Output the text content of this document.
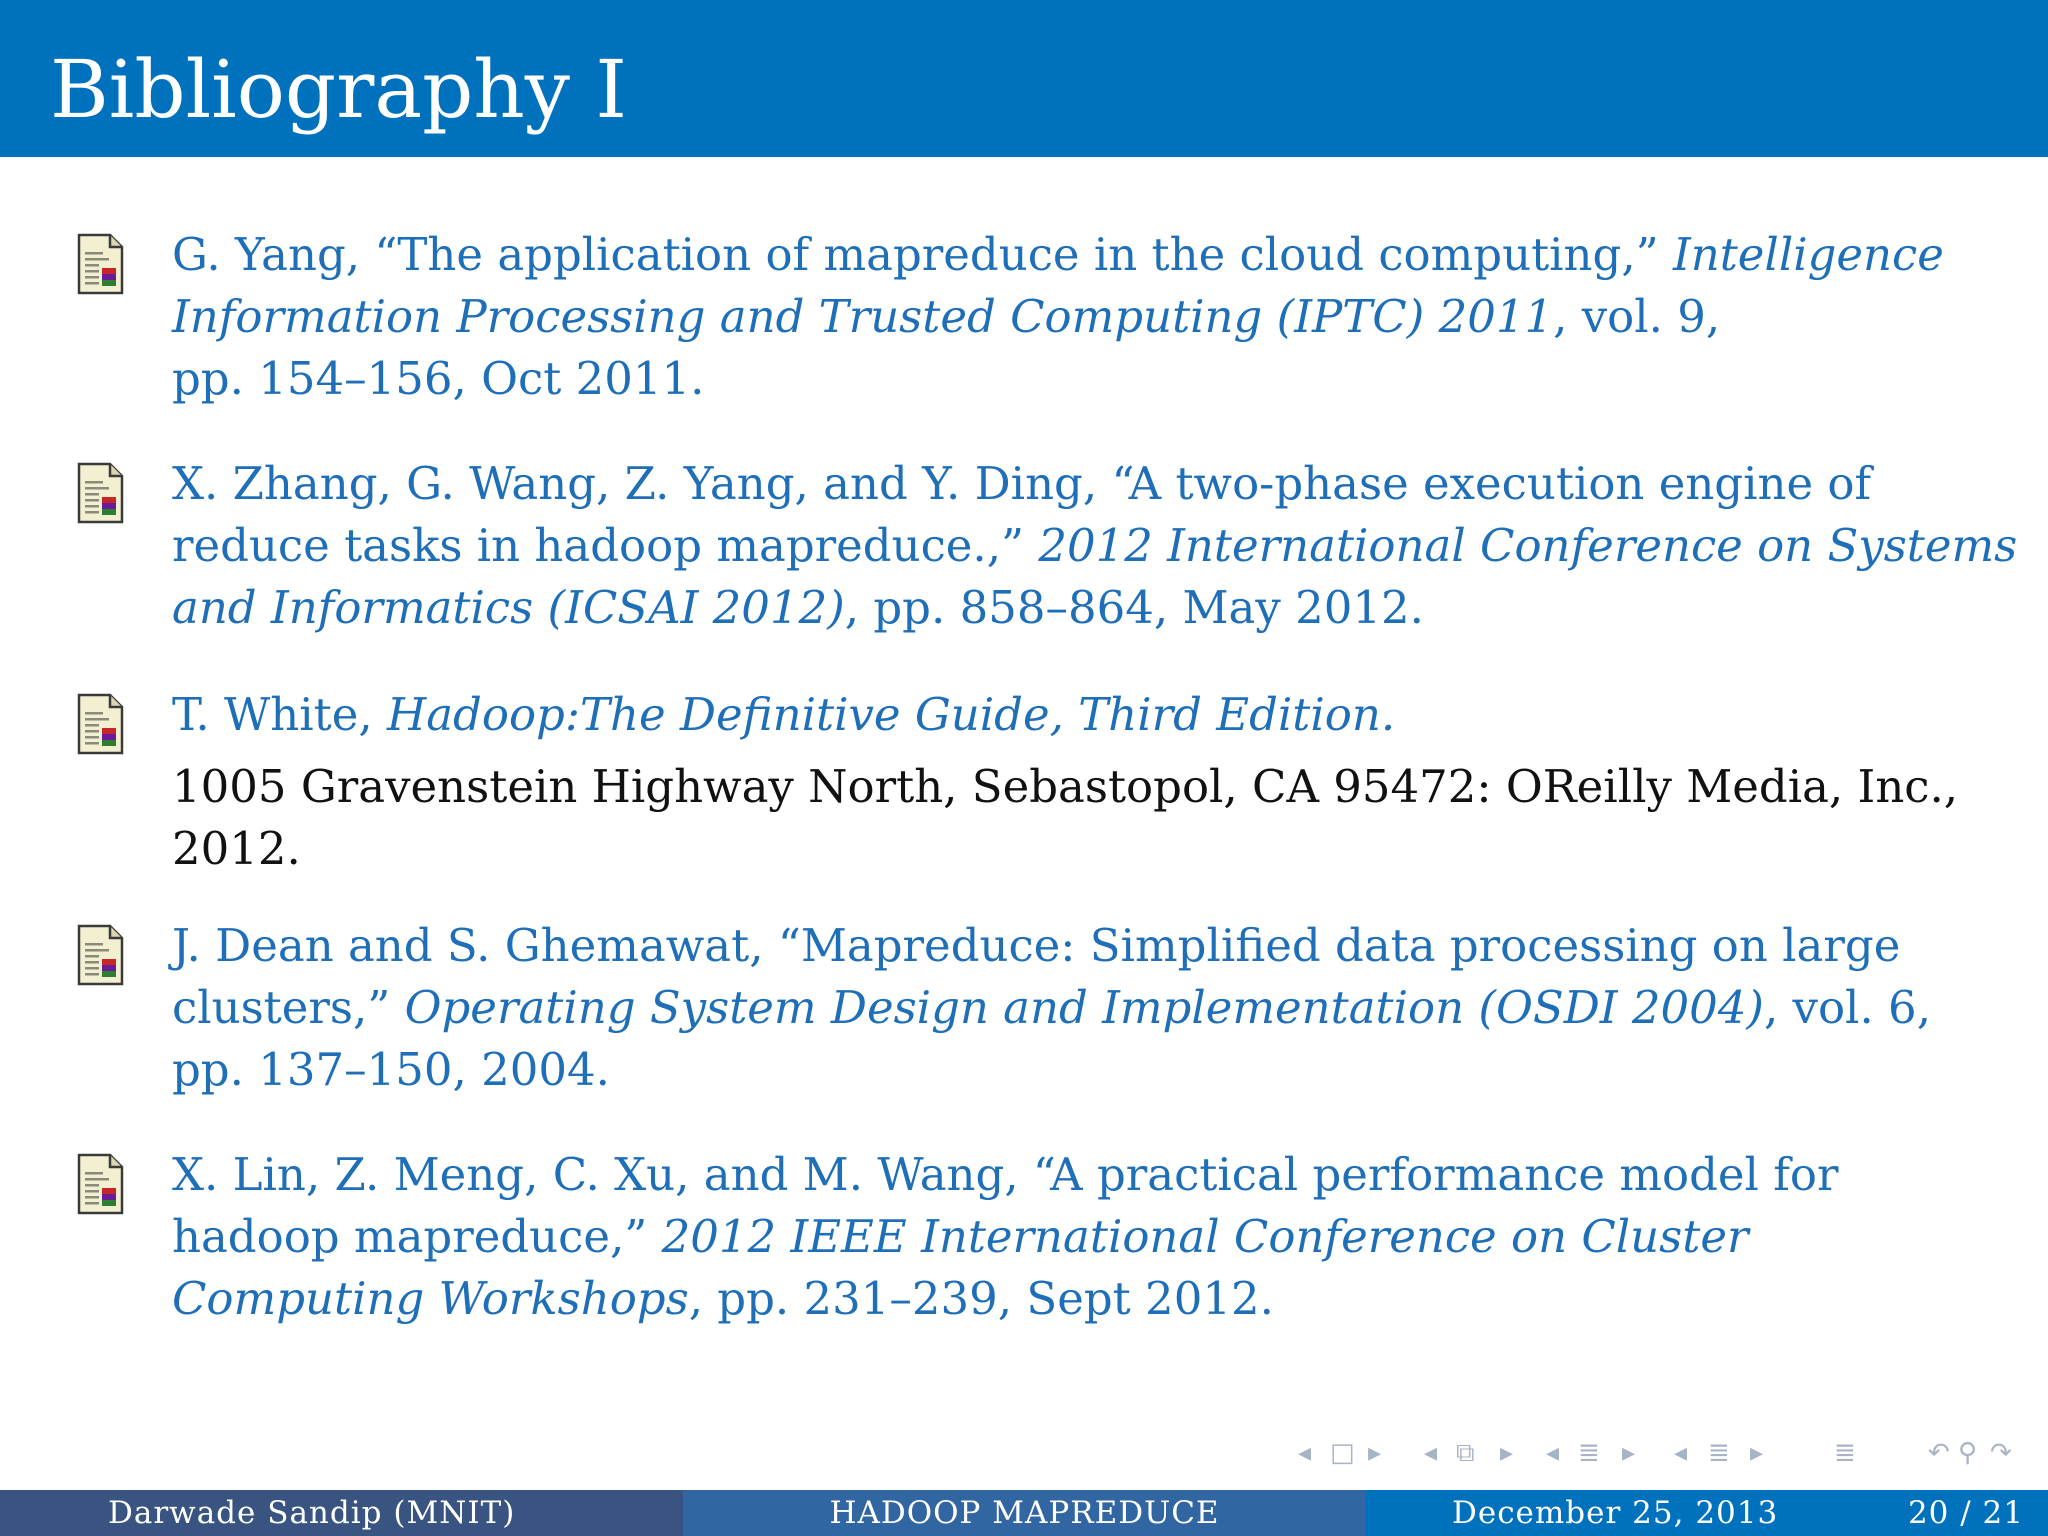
Bibliography I
G. Yang, “The application of mapreduce in the cloud computing,” Intelligence
Information Processing and Trusted Computing (IPTC) 2011, vol. 9,
pp. 154–156, Oct 2011.
X. Zhang, G. Wang, Z. Yang, and Y. Ding, “A two-phase execution engine of
reduce tasks in hadoop mapreduce.,” 2012 International Conference on Systems
and Informatics (ICSAI 2012), pp. 858–864, May 2012.
T. White, Hadoop:The Definitive Guide, Third Edition.
1005 Gravenstein Highway North, Sebastopol, CA 95472: OReilly Media, Inc.,
2012.
J. Dean and S. Ghemawat, “Mapreduce: Simplified data processing on large
clusters,” Operating System Design and Implementation (OSDI 2004), vol. 6,
pp. 137–150, 2004.
X. Lin, Z. Meng, C. Xu, and M. Wang, “A practical performance model for
hadoop mapreduce,” 2012 IEEE International Conference on Cluster
Computing Workshops, pp. 231–239, Sept 2012.
◂ □ ▸ ◂ ⧉ ▸ ◂ ≣ ▸ ◂ ≣ ▸	≣	↶ ⚲ ↷
Darwade Sandip (MNIT)	HADOOP MAPREDUCE	December 25, 2013	20 / 21
